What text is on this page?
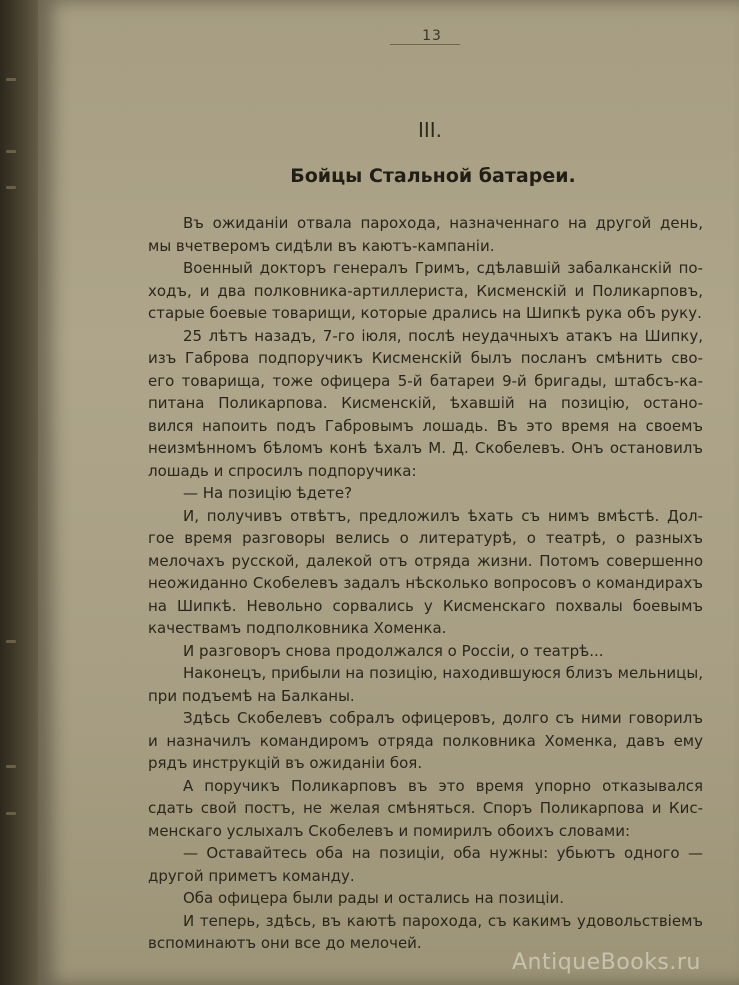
13
III.
Бойцы Стальной батареи.
Въ ожиданіи отвала парохода, назначеннаго на другой день,
мы вчетверомъ сидѣли въ каютъ-кампаніи.
Военный докторъ генералъ Гримъ, сдѣлавшій забалканскій по-
ходъ, и два полковника-артиллериста, Кисменскій и Поликарповъ,
старые боевые товарищи, которые дрались на Шипкѣ рука объ руку.
25 лѣтъ назадъ, 7-го іюля, послѣ неудачныхъ атакъ на Шипку,
изъ Габрова подпоручикъ Кисменскій былъ посланъ смѣнить сво-
его товарища, тоже офицера 5-й батареи 9-й бригады, штабсъ-ка-
питана Поликарпова. Кисменскій, ѣхавшій на позицію, остано-
вился напоить подъ Габровымъ лошадь. Въ это время на своемъ
неизмѣнномъ бѣломъ конѣ ѣхалъ М. Д. Скобелевъ. Онъ остановилъ
лошадь и спросилъ подпоручика:
— На позицію ѣдете?
И, получивъ отвѣтъ, предложилъ ѣхать съ нимъ вмѣстѣ. Дол-
гое время разговоры велись о литературѣ, о театрѣ, о разныхъ
мелочахъ русской, далекой отъ отряда жизни. Потомъ совершенно
неожиданно Скобелевъ задалъ нѣсколько вопросовъ о командирахъ
на Шипкѣ. Невольно сорвались у Кисменскаго похвалы боевымъ
качествамъ подполковника Хоменка.
И разговоръ снова продолжался о Россіи, о театрѣ...
Наконецъ, прибыли на позицію, находившуюся близъ мельницы,
при подъемѣ на Балканы.
Здѣсь Скобелевъ собралъ офицеровъ, долго съ ними говорилъ
и назначилъ командиромъ отряда полковника Хоменка, давъ ему
рядъ инструкцій въ ожиданіи боя.
А поручикъ Поликарповъ въ это время упорно отказывался
сдать свой постъ, не желая смѣняться. Споръ Поликарпова и Кис-
менскаго услыхалъ Скобелевъ и помирилъ обоихъ словами:
— Оставайтесь оба на позиціи, оба нужны: убьютъ одного —
другой приметъ команду.
Оба офицера были рады и остались на позиціи.
И теперь, здѣсь, въ каютѣ парохода, съ какимъ удовольствіемъ
вспоминаютъ они все до мелочей.
AntiqueBooks.ru
